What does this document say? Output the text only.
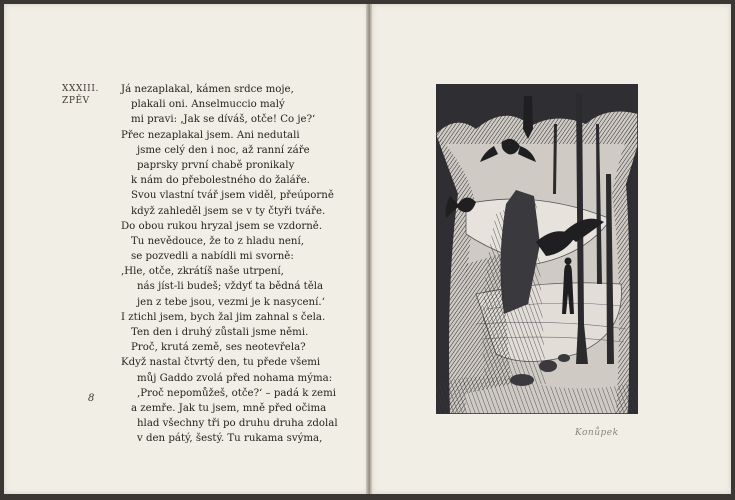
XXXIII.
ZPĚV
Já nezaplakal, kámen srdce moje,
plakali oni. Anselmuccio malý
mi pravi: ‚Jak se díváš, otče! Co je?‘
Přec nezaplakal jsem. Ani nedutali
jsme celý den i noc, až ranní záře
paprsky první chabě pronikaly
k nám do přebolestného do žaláře.
Svou vlastní tvář jsem viděl, přeúporně
když zahleděl jsem se v ty čtyři tváře.
Do obou rukou hryzal jsem se vzdorně.
Tu nevědouce, že to z hladu není,
se pozvedli a nabídli mi svorně:
‚Hle, otče, zkrátíš naše utrpení,
nás jíst-li budeš; vždyť ta bědná těla
jen z tebe jsou, vezmi je k nasycení.‘
I ztichl jsem, bych žal jim zahnal s čela.
Ten den i druhý zůstali jsme němi.
Proč, krutá země, ses neotevřela?
Když nastal čtvrtý den, tu přede všemi
můj Gaddo zvolá před nohama mýma:
‚Proč nepomůžeš, otče?‘ – padá k zemi
a zemře. Jak tu jsem, mně před očima
hlad všechny tři po druhu druha zdolal
v den pátý, šestý. Tu rukama svýma,
8
Konůpek
